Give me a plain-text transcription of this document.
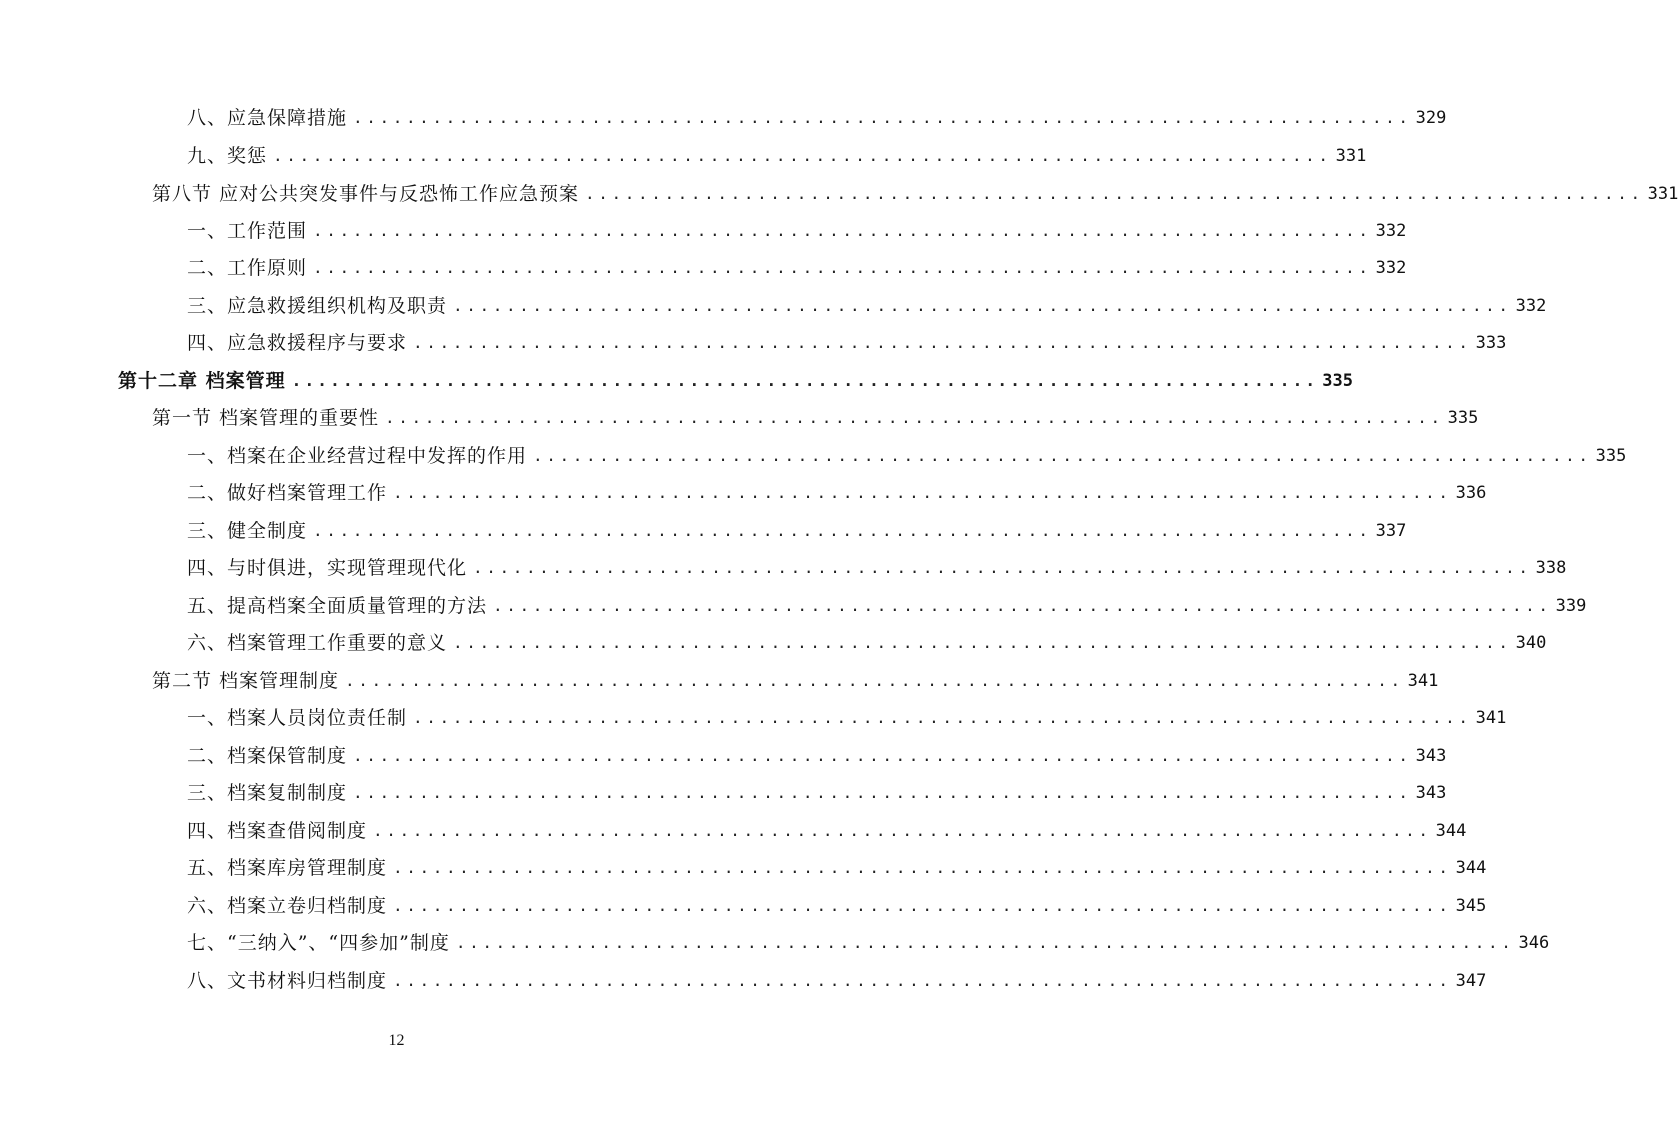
八、应急保障措施 ................................................................................ 329
九、奖惩 ................................................................................ 331
第八节 应对公共突发事件与反恐怖工作应急预案 ................................................................................ 331
一、工作范围 ................................................................................ 332
二、工作原则 ................................................................................ 332
三、应急救援组织机构及职责 ................................................................................ 332
四、应急救援程序与要求 ................................................................................ 333
第十二章 档案管理 ................................................................................ 335
第一节 档案管理的重要性 ................................................................................ 335
一、档案在企业经营过程中发挥的作用 ................................................................................ 335
二、做好档案管理工作 ................................................................................ 336
三、健全制度 ................................................................................ 337
四、与时俱进，实现管理现代化 ................................................................................ 338
五、提高档案全面质量管理的方法 ................................................................................ 339
六、档案管理工作重要的意义 ................................................................................ 340
第二节 档案管理制度 ................................................................................ 341
一、档案人员岗位责任制 ................................................................................ 341
二、档案保管制度 ................................................................................ 343
三、档案复制制度 ................................................................................ 343
四、档案查借阅制度 ................................................................................ 344
五、档案库房管理制度 ................................................................................ 344
六、档案立卷归档制度 ................................................................................ 345
七、“三纳入”、“四参加”制度 ................................................................................ 346
八、文书材料归档制度 ................................................................................ 347
12
